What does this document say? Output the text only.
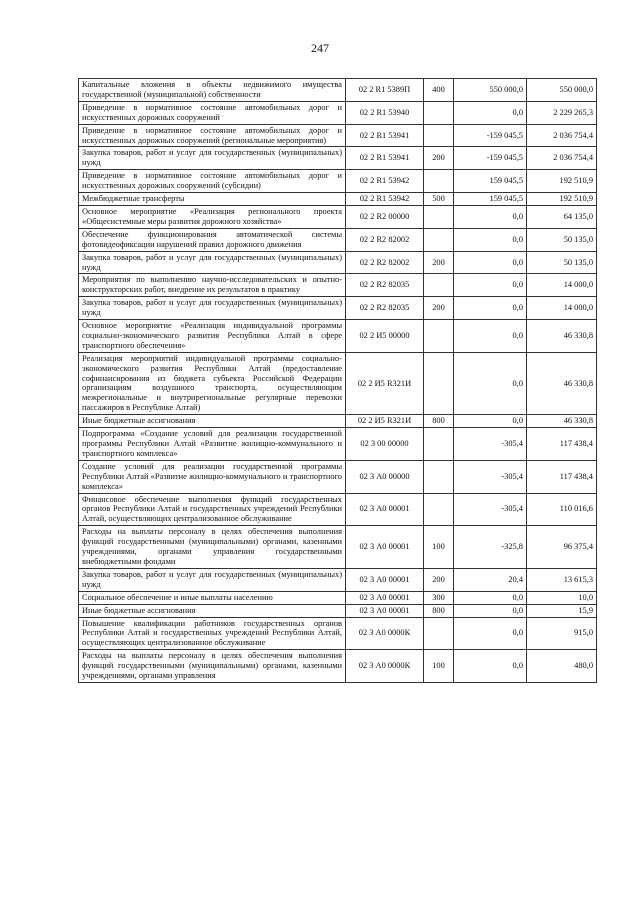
247
Капитальные вложения в объекты недвижимого имущества государственной (муниципальной) собственности	02 2 R1 5389П	400	550 000,0	550 000,0
Приведение в нормативное состояние автомобильных дорог и искусственных дорожных сооружений	02 2 R1 53940		0,0	2 229 265,3
Приведение в нормативное состояние автомобильных дорог и искусственных дорожных сооружений (региональные мероприятия)	02 2 R1 53941		-159 045,5	2 036 754,4
Закупка товаров, работ и услуг для государственных (муниципальных) нужд	02 2 R1 53941	200	-159 045,5	2 036 754,4
Приведение в нормативное состояние автомобильных дорог и искусственных дорожных сооружений (субсидии)	02 2 R1 53942		159 045,5	192 510,9
Межбюджетные трансферты	02 2 R1 53942	500	159 045,5	192 510,9
Основное мероприятие «Реализация регионального проекта «Общесистемные меры развития дорожного хозяйства»	02 2 R2 00000		0,0	64 135,0
Обеспечение функционирования автоматической системы фотовидеофиксации нарушений правил дорожного движения	02 2 R2 82002		0,0	50 135,0
Закупка товаров, работ и услуг для государственных (муниципальных) нужд	02 2 R2 82002	200	0,0	50 135,0
Мероприятия по выполнению научно-исследовательских и опытно-конструкторских работ, внедрение их результатов в практику	02 2 R2 82035		0,0	14 000,0
Закупка товаров, работ и услуг для государственных (муниципальных) нужд	02 2 R2 82035	200	0,0	14 000,0
Основное мероприятие «Реализация индивидуальной программы социально-экономического развития Республики Алтай в сфере транспортного обеспечения»	02 2 И5 00000		0,0	46 330,8
Реализация мероприятий индивидуальной программы социально-экономического развития Республики Алтай (предоставление софинансирования из бюджета субъекта Российской Федерации организациям воздушного транспорта, осуществляющим межрегиональные и внутрирегиональные регулярные перевозки пассажиров в Республике Алтай)	02 2 И5 R321И		0,0	46 330,8
Иные бюджетные ассигнования	02 2 И5 R321И	800	0,0	46 330,8
Подпрограмма «Создание условий для реализации государственной программы Республики Алтай «Развитие жилищно-коммунального и транспортного комплекса»	02 3 00 00000		-305,4	117 438,4
Создание условий для реализации государственной программы Республики Алтай «Развитие жилищно-коммунального и транспортного комплекса»	02 3 А0 00000		-305,4	117 438,4
Финансовое обеспечение выполнения функций государственных органов Республики Алтай и государственных учреждений Республики Алтай, осуществляющих централизованное обслуживание	02 3 А0 00001		-305,4	110 016,6
Расходы на выплаты персоналу в целях обеспечения выполнения функций государственными (муниципальными) органами, казенными учреждениями, органами управления государственными внебюджетными фондами	02 3 А0 00001	100	-325,8	96 375,4
Закупка товаров, работ и услуг для государственных (муниципальных) нужд	02 3 А0 00001	200	20,4	13 615,3
Социальное обеспечение и иные выплаты населению	02 3 А0 00001	300	0,0	10,0
Иные бюджетные ассигнования	02 3 А0 00001	800	0,0	15,9
Повышение квалификации работников государственных органов Республики Алтай и государственных учреждений Республики Алтай, осуществляющих централизованное обслуживание	02 3 А0 0000К		0,0	915,0
Расходы на выплаты персоналу в целях обеспечения выполнения функций государственными (муниципальными) органами, казенными учреждениями, органами управления	02 3 А0 0000К	100	0,0	480,0
